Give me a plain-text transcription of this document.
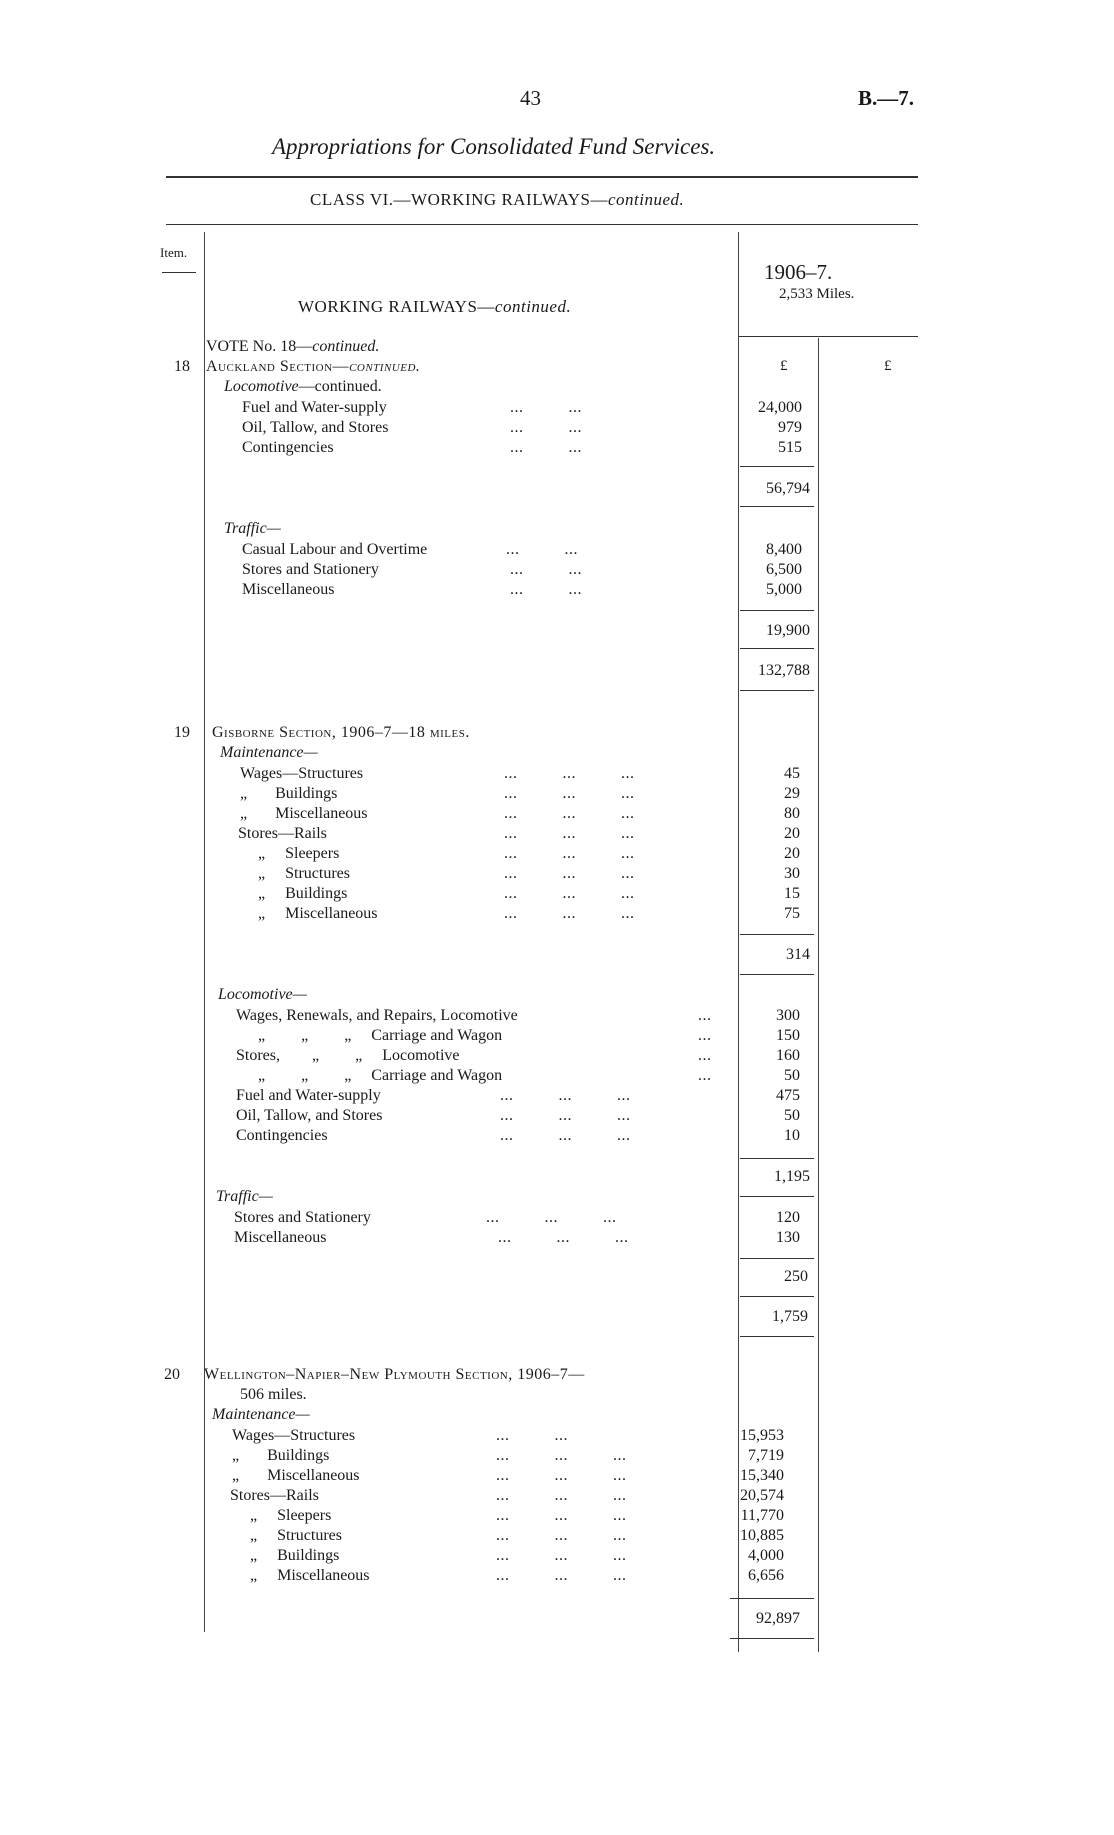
43	B.—7.
Appropriations for Consolidated Fund Services.
CLASS VI.—WORKING RAILWAYS—continued.
Item.
WORKING RAILWAYS—continued.
1906–7.
2,533 Miles.
£	£
VOTE No. 18—continued.
18 Auckland Section—continued.
Locomotive—continued.
Fuel and Water-supply	...	...	24,000
Oil, Tallow, and Stores	...	...	979
Contingencies	...	...	515
56,794
Traffic—
Casual Labour and Overtime	...	...	8,400
Stores and Stationery	...	...	6,500
Miscellaneous	...	...	5,000
19,900
132,788
19 Gisborne Section, 1906–7—18 miles.
Maintenance—
Wages—Structures	...	...	...	45
„       Buildings	...	...	...	29
„       Miscellaneous	...	...	...	80
Stores—Rails	...	...	...	20
„     Sleepers	...	...	...	20
„     Structures	...	...	...	30
„     Buildings	...	...	...	15
„     Miscellaneous	...	...	...	75
314
Locomotive—
Wages, Renewals, and Repairs, Locomotive	...	300
„         „         „     Carriage and Wagon	...	150
Stores,        „         „     Locomotive	...	160
„         „         „     Carriage and Wagon	...	50
Fuel and Water-supply	...	...	...	475
Oil, Tallow, and Stores	...	...	...	50
Contingencies	...	...	...	10
1,195
Traffic—
Stores and Stationery	...	...	...	120
Miscellaneous	...	...	...	130
250
1,759
20 Wellington–Napier–New Plymouth Section, 1906–7—
506 miles.
Maintenance—
Wages—Structures	...	...	15,953
„       Buildings	...	...	...	7,719
„       Miscellaneous	...	...	...	15,340
Stores—Rails	...	...	...	20,574
„     Sleepers	...	...	...	11,770
„     Structures	...	...	...	10,885
„     Buildings	...	...	...	4,000
„     Miscellaneous	...	...	...	6,656
92,897
